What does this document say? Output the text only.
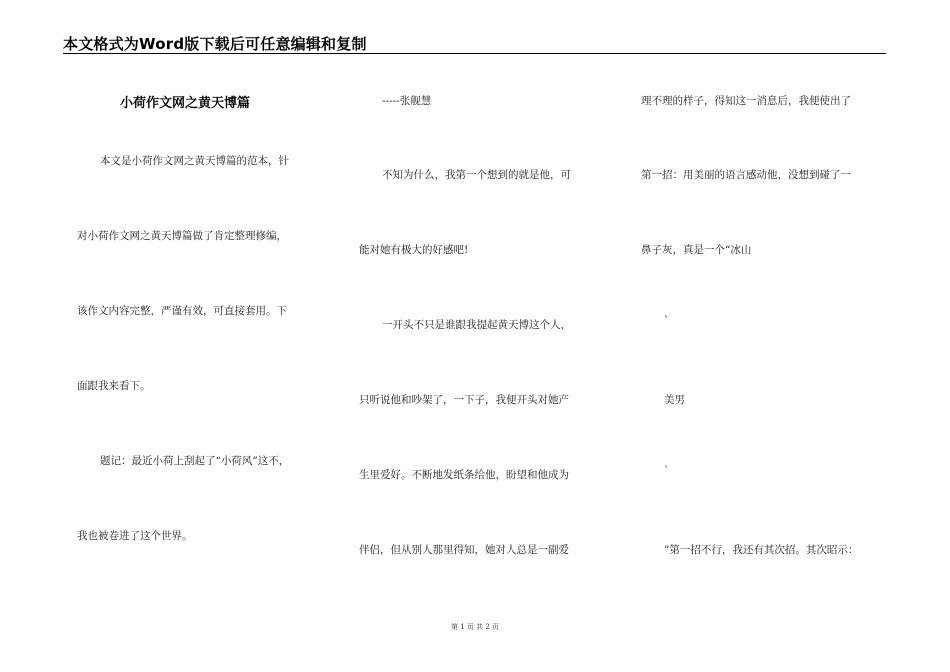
本文格式为Word版下载后可任意编辑和复制
小荷作文网之黄天博篇
本文是小荷作文网之黄天博篇的范本，针
对小荷作文网之黄天博篇做了肯定整理修编，
该作文内容完整，严谨有效，可直接套用。下
面跟我来看下。
题记：最近小荷上刮起了“小荷风”这不，
我也被卷进了这个世界。
-----张舰慧
不知为什么，我第一个想到的就是他，可
能对她有极大的好感吧!
一开头不只是谁跟我提起黄天博这个人，
只听说他和吵架了，一下子，我便开头对她产
生里爱好。不断地发纸条给他，盼望和他成为
伴侣，但从别人那里得知，她对人总是一副爱
理不理的样子，得知这一消息后，我便使出了
第一招：用美丽的语言感动他，没想到碰了一
鼻子灰，真是一个“冰山
`
美男
`
”第一招不行，我还有其次招。其次昭示：
第 1 页 共 2 页
